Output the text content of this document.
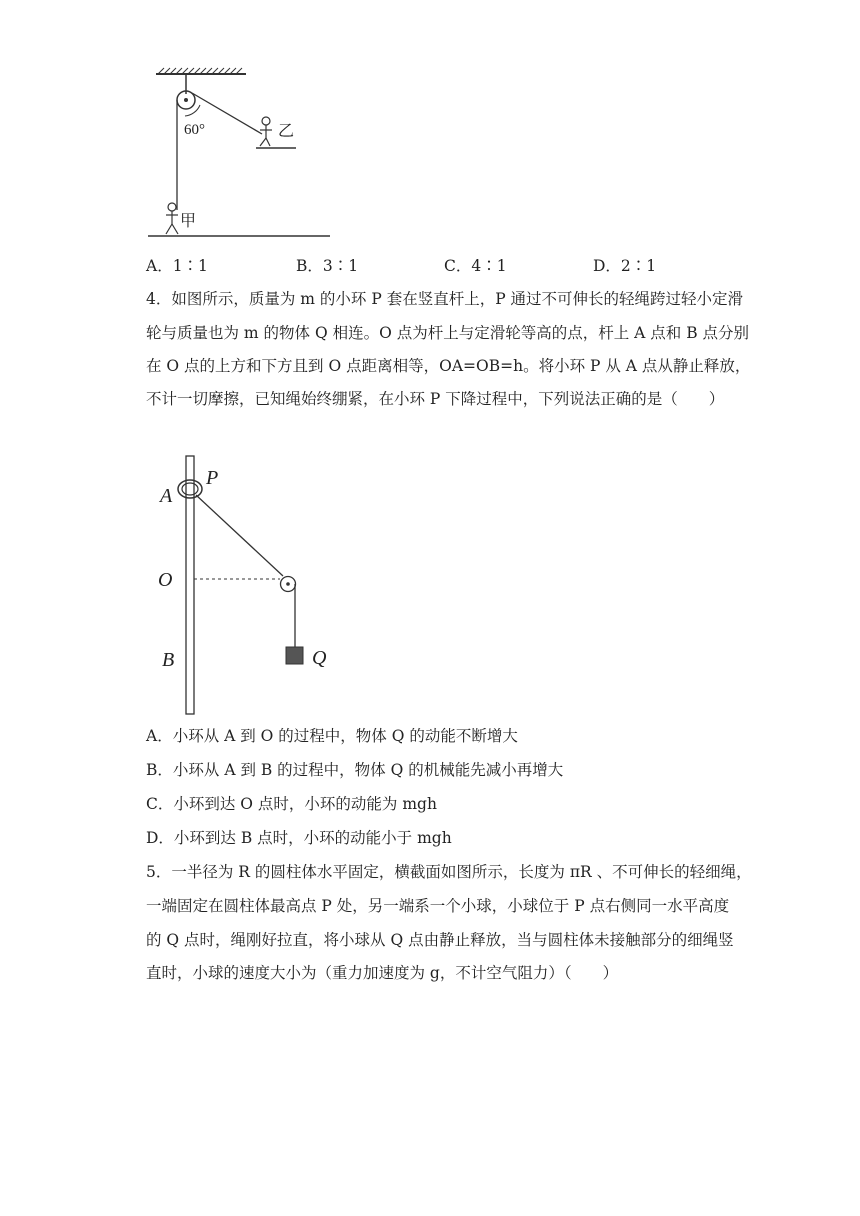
60°	乙
甲
A．1∶1	B．3∶1	C．4∶1	D．2∶1
4．如图所示，质量为 m 的小环 P 套在竖直杆上，P 通过不可伸长的轻绳跨过轻小定滑
轮与质量也为 m 的物体 Q 相连。O 点为杆上与定滑轮等高的点，杆上 A 点和 B 点分别
在 O 点的上方和下方且到 O 点距离相等，OA=OB=h。将小环 P 从 A 点从静止释放，
不计一切摩擦，已知绳始终绷紧，在小环 P 下降过程中，下列说法正确的是（　　）
A
P
O
B	Q
A．小环从 A 到 O 的过程中，物体 Q 的动能不断增大
B．小环从 A 到 B 的过程中，物体 Q 的机械能先减小再增大
C．小环到达 O 点时，小环的动能为 mgh
D．小环到达 B 点时，小环的动能小于 mgh
5．一半径为 R 的圆柱体水平固定，横截面如图所示，长度为 πR 、不可伸长的轻细绳，
一端固定在圆柱体最高点 P 处，另一端系一个小球，小球位于 P 点右侧同一水平高度
的 Q 点时，绳刚好拉直，将小球从 Q 点由静止释放，当与圆柱体未接触部分的细绳竖
直时，小球的速度大小为（重力加速度为 g，不计空气阻力）（　　）
